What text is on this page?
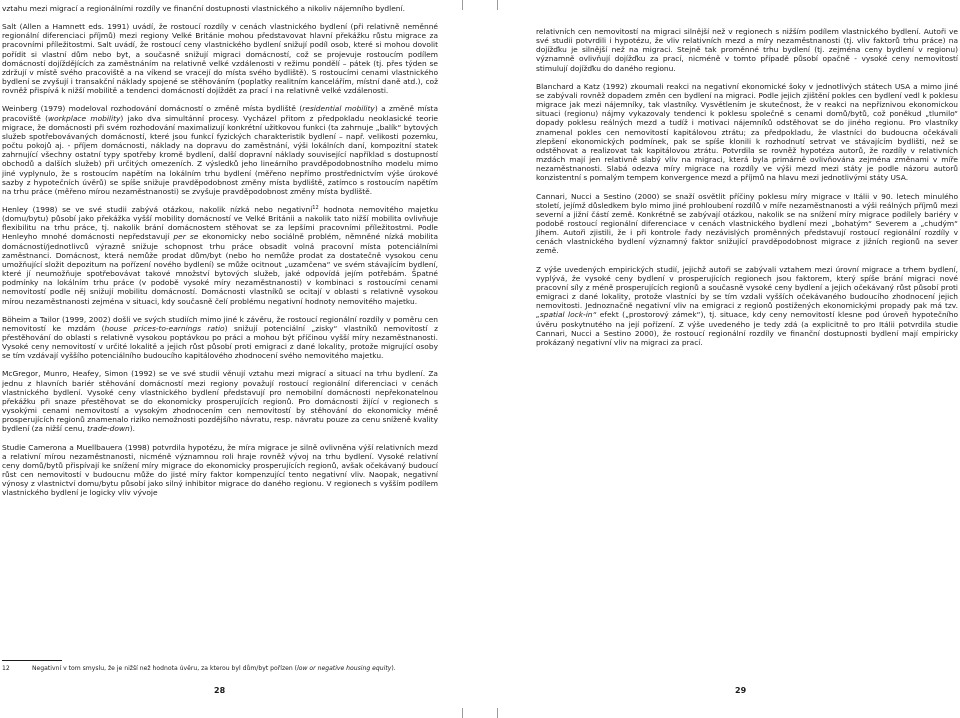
vztahu mezi migrací a regionálními rozdíly ve finanční dostupnosti vlastnického a nikoliv nájemního bydlení.

Salt (Allen a Hamnett eds. 1991) uvádí, že rostoucí rozdíly v cenách vlastnického bydlení (při relativně neměnné regionální diferenciaci příjmů) mezi regiony Velké Británie mohou představovat hlavní překážku růstu migrace za pracovními příležitostmi. Salt uvádí, že rostoucí ceny vlastnického bydlení snižují podíl osob, které si mohou dovolit pořídit si vlastní dům nebo byt, a současně snižují migraci domácností, což se projevuje rostoucím podílem domácností dojíždějících za zaměstnáním na relativně velké vzdálenosti v režimu pondělí – pátek (tj. přes týden se zdržují v místě svého pracoviště a na víkend se vracejí do místa svého bydliště). S rostoucími cenami vlastnického bydlení se zvyšují i transakční náklady spojené se stěhováním (poplatky realitním kancelářím, místní daně atd.), což rovněž přispívá k nižší mobilitě a tendenci domácností dojíždět za prací i na relativně velké vzdálenosti.

Weinberg (1979) modeloval rozhodování domácností o změně místa bydliště (residential mobility) a změně místa pracoviště (workplace mobility) jako dva simultánní procesy. Vycházel přitom z předpokladu neoklasické teorie migrace, že domácnosti při svém rozhodování maximalizují konkrétní užitkovou funkci (ta zahrnuje „balík“ bytových služeb spotřebovávaných domácností, které jsou funkcí fyzických charakteristik bydlení – např. velikosti pozemku, počtu pokojů aj. - příjem domácnosti, náklady na dopravu do zaměstnání, výši lokálních daní, kompozitní statek zahrnující všechny ostatní typy spotřeby kromě bydlení, další dopravní náklady související například s dostupností obchodů a dalších služeb) při určitých omezeních. Z výsledků jeho lineárního pravděpodobnostního modelu mimo jiné vyplynulo, že s rostoucím napětím na lokálním trhu bydlení (měřeno nepřímo prostřednictvím výše úrokové sazby z hypotečních úvěrů) se spíše snižuje pravděpodobnost změny místa bydliště, zatímco s rostoucím napětím na trhu práce (měřeno mírou nezaměstnanosti) se zvyšuje pravděpodobnost změny místa bydliště.

Henley (1998) se ve své studii zabývá otázkou, nakolik nízká nebo negativní$^{12}$ hodnota nemovitého majetku (domu/bytu) působí jako překážka vyšší mobility domácností ve Velké Británii a nakolik tato nižší mobilita ovlivňuje flexibilitu na trhu práce, tj. nakolik brání domácnostem stěhovat se za lepšími pracovními příležitostmi. Podle Henleyho mnohé domácnosti nepředstavují per se ekonomicky nebo sociálně problém, němněné nízká mobilita domácností/jednotlivců výrazně snižuje schopnost trhu práce obsadit volná pracovní místa potenciálními zaměstnanci. Domácnost, která nemůže prodat dům/byt (nebo ho nemůže prodat za dostatečně vysokou cenu umožňující složit depozitum na pořízení nového bydlení) se může ocitnout „uzamčena“ ve svém stávajícím bydlení, které jí neumožňuje spotřebovávat takové množství bytových služeb, jaké odpovídá jejím potřebám. Špatné podmínky na lokálním trhu práce (v podobě vysoké míry nezaměstnanosti) v kombinaci s rostoucími cenami nemovitostí podle něj snižují mobilitu domácností. Domácnosti vlastníků se ocitají v oblasti s relativně vysokou mírou nezaměstnanosti zejména v situaci, kdy současně čelí problému negativní hodnoty nemovitého majetku.

Böheim a Tailor (1999, 2002) došli ve svých studiích mimo jiné k závěru, že rostoucí regionální rozdíly v poměru cen nemovitostí ke mzdám (house prices-to-earnings ratio) snižují potenciální „zisky“ vlastníků nemovitostí z přestěhování do oblasti s relativně vysokou poptávkou po práci a mohou být příčinou vyšší míry nezaměstnanosti. Vysoké ceny nemovitostí v určité lokalitě a jejich růst působí proti emigraci z dané lokality, protože migrující osoby se tím vzdávají vyššího potenciálního budoucího kapitálového zhodnocení svého nemovitého majetku.

McGregor, Munro, Heafey, Simon (1992) se ve své studii věnují vztahu mezi migrací a situací na trhu bydlení. Za jednu z hlavních bariér stěhování domácností mezi regiony považují rostoucí regionální diferenciaci v cenách vlastnického bydlení. Vysoké ceny vlastnického bydlení představují pro nemobilní domácnosti nepřekonatelnou překážku při snaze přestěhovat se do ekonomicky prosperujících regionů. Pro domácnosti žijící v regionech s vysokými cenami nemovitostí a vysokým zhodnocením cen nemovitostí by stěhování do ekonomicky méně prosperujících regionů znamenalo riziko nemožnosti pozdějšího návratu, resp. návratu pouze za cenu sníženě kvality bydlení (za nižší cenu, trade-down).

Studie Camerona a Muellbauera (1998) potvrdila hypotézu, že míra migrace je silně ovlivněna výší relativních mezd a relativní mírou nezaměstnanosti, nicméně významnou roli hraje rovněž vývoj na trhu bydlení. Vysoké relativní ceny domů/bytů přispívají ke snížení míry migrace do ekonomicky prosperujících regionů, avšak očekávaný budoucí růst cen nemovitostí v budoucnu může do jisté míry faktor kompenzující tento negativní vliv. Naopak, negativní výnosy z vlastnictví domu/bytu působí jako silný inhibitor migrace do daného regionu. V regionech s vyšším podílem vlastnického bydlení je logicky vliv vývoje

12	Negativní v tom smyslu, že je nižší než hodnota úvěru, za kterou byl dům/byt pořízen (low or negative housing equity).
28

relativních cen nemovitostí na migraci silnější než v regionech s nižším podílem vlastnického bydlení. Autoři ve své studii potvrdili i hypotézu, že vliv relativních mezd a míry nezaměstnanosti (tj. vliv faktorů trhu práce) na dojížďku je silnější než na migraci. Stejně tak proměnné trhu bydlení (tj. zejména ceny bydlení v regionu) významně ovlivňují dojížďku za prací, nicméně v tomto případě působí opačně - vysoké ceny nemovitostí stimulují dojížďku do daného regionu.

Blanchard a Katz (1992) zkoumali reakci na negativní ekonomické šoky v jednotlivých státech USA a mimo jiné se zabývali rovněž dopadem změn cen bydlení na migraci. Podle jejich zjištění pokles cen bydlení vedl k poklesu migrace jak mezi nájemníky, tak vlastníky. Vysvětlením je skutečnost, že v reakci na nepříznivou ekonomickou situaci (regionu) nájmy vykazovaly tendenci k poklesu společně s cenami domů/bytů, což poněkud „tlumilo“ dopady poklesu reálných mezd a tudíž i motivaci nájemníků odstěhovat se do jiného regionu. Pro vlastníky znamenal pokles cen nemovitostí kapitálovou ztrátu; za předpokladu, že vlastníci do budoucna očekávali zlepšení ekonomických podmínek, pak se spíše klonili k rozhodnutí setrvat ve stávajícím bydlišti, než se odstěhovat a realizovat tak kapitálovou ztrátu. Potvrdila se rovněž hypotéza autorů, že rozdíly v relativních mzdách mají jen relativně slabý vliv na migraci, která byla primárně ovlivňována zejména změnami v míře nezaměstnanosti. Slabá odezva míry migrace na rozdíly ve výši mezd mezi státy je podle názoru autorů konzistentní s pomalým tempem konvergence mezd a příjmů na hlavu mezi jednotlivými státy USA.

Cannari, Nucci a Sestino (2000) se snaží osvětlit příčiny poklesu míry migrace v Itálii v 90. letech minulého století, jejímž důsledkem bylo mimo jiné prohloubení rozdílů v míře nezaměstnanosti a výši reálných příjmů mezi severní a jižní částí země. Konkrétně se zabývají otázkou, nakolik se na snížení míry migrace podílely bariéry v podobě rostoucí regionální diferenciace v cenách vlastnického bydlení mezi „bohatým“ Severem a „chudým“ Jihem. Autoři zjistili, že i při kontrole řady nezávislých proměnných představují rostoucí regionální rozdíly v cenách vlastnického bydlení významný faktor snižující pravděpodobnost migrace z jižních regionů na sever země.

Z výše uvedených empirických studií, jejichž autoři se zabývali vztahem mezi úrovní migrace a trhem bydlení, vyplývá, že vysoké ceny bydlení v prosperujících regionech jsou faktorem, který spíše brání migraci nové pracovní síly z méně prosperujících regionů a současně vysoké ceny bydlení a jejich očekávaný růst působí proti emigraci z dané lokality, protože vlastníci by se tím vzdali vyšších očekávaného budoucího zhodnocení jejich nemovitosti. Jednoznačně negativní vliv na emigraci z regionů postižených ekonomickými propady pak má tzv. „spatial lock-in“ efekt („prostorový zámek“), tj. situace, kdy ceny nemovitostí klesne pod úroveň hypotečního úvěru poskytnutého na její pořízení. Z výše uvedeného je tedy zdá (a explicitně to pro Itálii potvrdila studie Cannari, Nucci a Sestino 2000), že rostoucí regionální rozdíly ve finanční dostupnosti bydlení mají empiricky prokázaný negativní vliv na migraci za prací.

29
